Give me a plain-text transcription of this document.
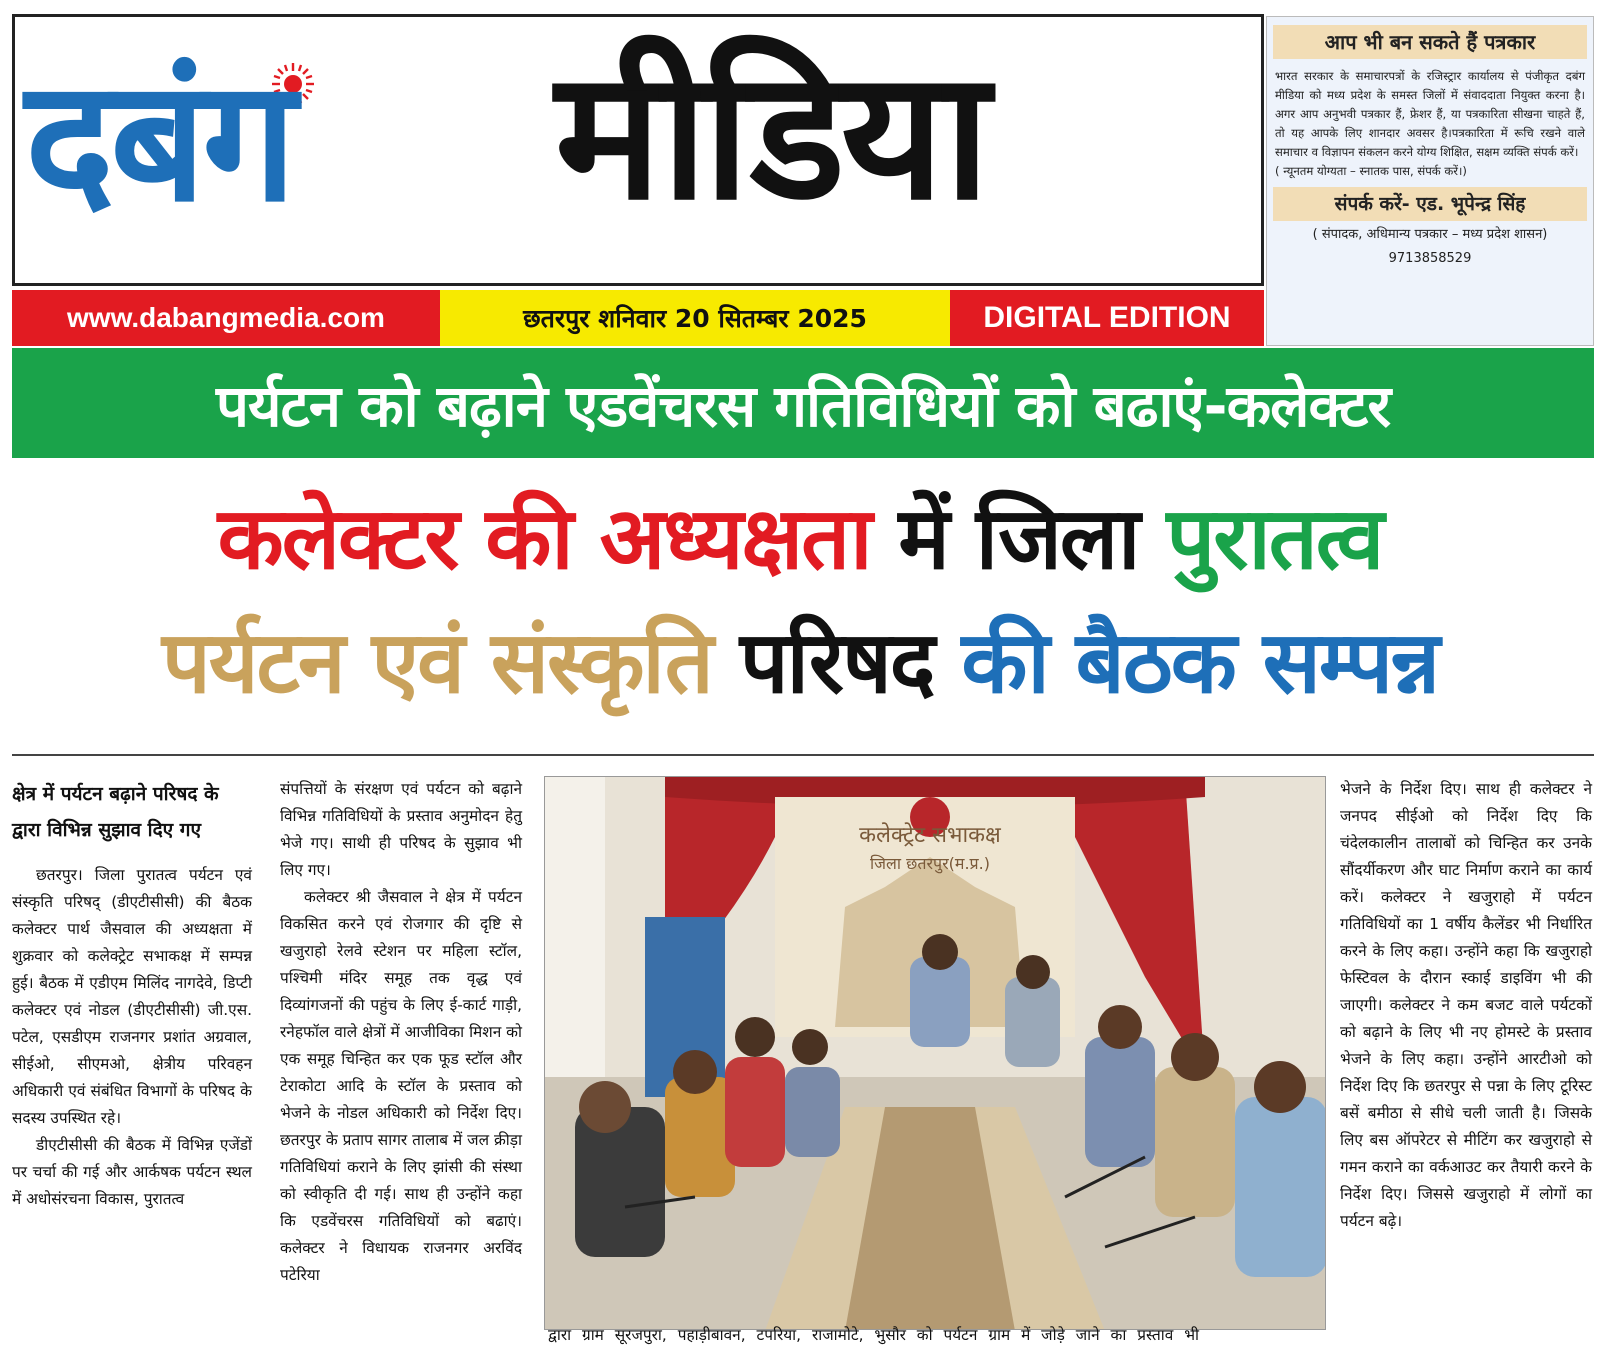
दबंग मीडिया	आप भी बन सकते हैं पत्रकार
भारत सरकार के समाचारपत्रों के रजिस्ट्रार कार्यालय से पंजीकृत दबंग मीडिया को मध्य प्रदेश के समस्त जिलों में संवाददाता नियुक्त करना है। अगर आप अनुभवी पत्रकार हैं, फ्रेशर हैं, या पत्रकारिता सीखना चाहते हैं, तो यह आपके लिए शानदार अवसर है।पत्रकारिता में रूचि रखने वाले समाचार व विज्ञापन संकलन करने योग्य शिक्षित, सक्षम व्यक्ति संपर्क करें।
( न्यूनतम योग्यता – स्नातक पास, संपर्क करें।)
संपर्क करें- एड. भूपेन्द्र सिंह
( संपादक, अधिमान्य पत्रकार – मध्य प्रदेश शासन)
9713858529
www.dabangmedia.com	छतरपुर शनिवार 20 सितम्बर 2025	DIGITAL EDITION
पर्यटन को बढ़ाने एडवेंचरस गतिविधियों को बढाएं-कलेक्टर
कलेक्टर की अध्यक्षता में जिला पुरातत्व
पर्यटन एवं संस्कृति परिषद की बैठक सम्पन्न
क्षेत्र में पर्यटन बढ़ाने परिषद के द्वारा विभिन्न सुझाव दिए गए

छतरपुर। जिला पुरातत्व पर्यटन एवं संस्कृति परिषद् (डीएटीसीसी) की बैठक कलेक्टर पार्थ जैसवाल की अध्यक्षता में शुक्रवार को कलेक्ट्रेट सभाकक्ष में सम्पन्न हुई। बैठक में एडीएम मिलिंद नागदेवे, डिप्टी कलेक्टर एवं नोडल (डीएटीसीसी) जी.एस. पटेल, एसडीएम राजनगर प्रशांत अग्रवाल, सीईओ, सीएमओ, क्षेत्रीय परिवहन अधिकारी एवं संबंधित विभागों के परिषद के सदस्य उपस्थित रहे।

डीएटीसीसी की बैठक में विभिन्न एजेंडों पर चर्चा की गई और आर्कषक पर्यटन स्थल में अधोसंरचना विकास, पुरातत्व

संपत्तियों के संरक्षण एवं पर्यटन को बढ़ाने विभिन्न गतिविधियों के प्रस्ताव अनुमोदन हेतु भेजे गए। साथी ही परिषद के सुझाव भी लिए गए।

कलेक्टर श्री जैसवाल ने क्षेत्र में पर्यटन विकसित करने एवं रोजगार की दृष्टि से खजुराहो रेलवे स्टेशन पर महिला स्टॉल, पश्चिमी मंदिर समूह तक वृद्ध एवं दिव्यांगजनों की पहुंच के लिए ई-कार्ट गाड़ी, रनेहफॉल वाले क्षेत्रों में आजीविका मिशन को एक समूह चिन्हित कर एक फूड स्टॉल और टेराकोटा आदि के स्टॉल के प्रस्ताव को भेजने के नोडल अधिकारी को निर्देश दिए। छतरपुर के प्रताप सागर तालाब में जल क्रीड़ा गतिविधियां कराने के लिए झांसी की संस्था को स्वीकृति दी गई। साथ ही उन्होंने कहा कि एडवेंचरस गतिविधियों को बढाएं। कलेक्टर ने विधायक राजनगर अरविंद पटेरिया

कलेक्ट्रेट सभाकक्ष
जिला छतरपुर(म.प्र.)
द्वारा ग्राम सूरजपुरा, पहाड़ीबावन, टपरिया, राजामोटे, भुसौर को पर्यटन ग्राम में जोड़े जाने का प्रस्ताव भी

भेजने के निर्देश दिए। साथ ही कलेक्टर ने जनपद सीईओ को निर्देश दिए कि चंदेलकालीन तालाबों को चिन्हित कर उनके सौंदर्यीकरण और घाट निर्माण कराने का कार्य करें। कलेक्टर ने खजुराहो में पर्यटन गतिविधियों का 1 वर्षीय कैलेंडर भी निर्धारित करने के लिए कहा। उन्होंने कहा कि खजुराहो फेस्टिवल के दौरान स्काई डाइविंग भी की जाएगी। कलेक्टर ने कम बजट वाले पर्यटकों को बढ़ाने के लिए भी नए होमस्टे के प्रस्ताव भेजने के लिए कहा। उन्होंने आरटीओ को निर्देश दिए कि छतरपुर से पन्ना के लिए टूरिस्ट बसें बमीठा से सीधे चली जाती है। जिसके लिए बस ऑपरेटर से मीटिंग कर खजुराहो से गमन कराने का वर्कआउट कर तैयारी करने के निर्देश दिए। जिससे खजुराहो में लोगों का पर्यटन बढ़े।
